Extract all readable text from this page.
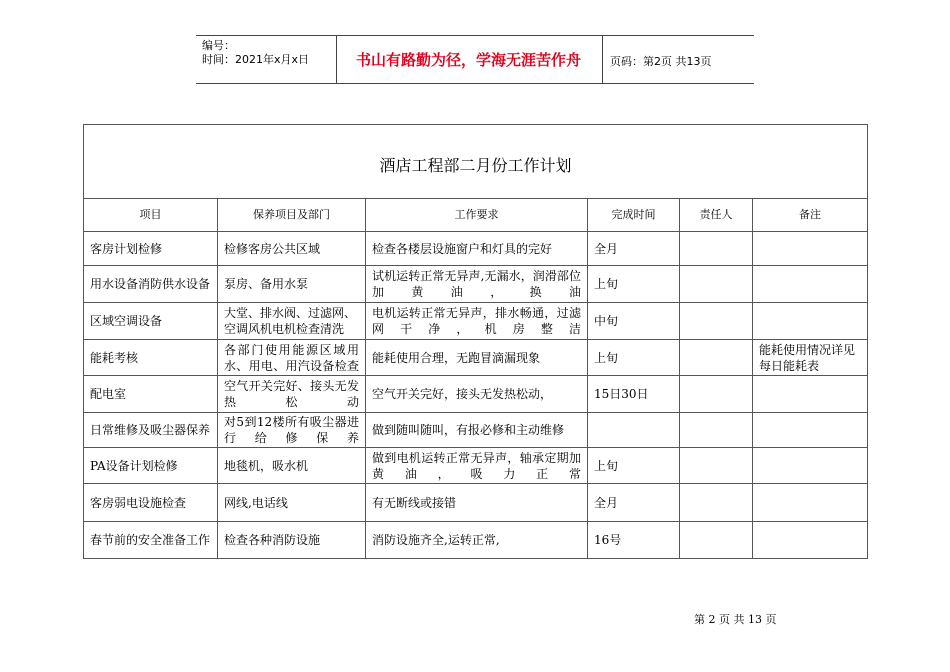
编号：
时间：2021年x月x日	书山有路勤为径，学海无涯苦作舟	页码：第2页 共13页
酒店工程部二月份工作计划					
项目	保养项目及部门	工作要求	完成时间	责任人	备注
客房计划检修	检修客房公共区域	检查各楼层设施窗户和灯具的完好	全月		
用水设备消防供水设备	泵房、备用水泵	试机运转正常无异声,无漏水，润滑部位加黄油，换油	上旬		
区域空调设备	大堂、排水阀、过滤网、空调风机电机检查清洗	电机运转正常无异声，排水畅通，过滤网干净，机房整洁	中旬		
能耗考核	各部门使用能源区域用水、用电、用汽设备检查	能耗使用合理，无跑冒滴漏现象	上旬		能耗使用情况详见每日能耗表
配电室	空气开关完好、接头无发热松动	空气开关完好，接头无发热松动，	15日30日		
日常维修及吸尘器保养	对5到12楼所有吸尘器进行给修保养	做到随叫随叫，有报必修和主动维修			
PA设备计划检修	地毯机，吸水机	做到电机运转正常无异声，轴承定期加黄油，吸力正常	上旬		
客房弱电设施检查	网线,电话线	有无断线或接错	全月		
春节前的安全准备工作	检查各种消防设施	消防设施齐全,运转正常,	16号		
第 2 页 共 13 页
